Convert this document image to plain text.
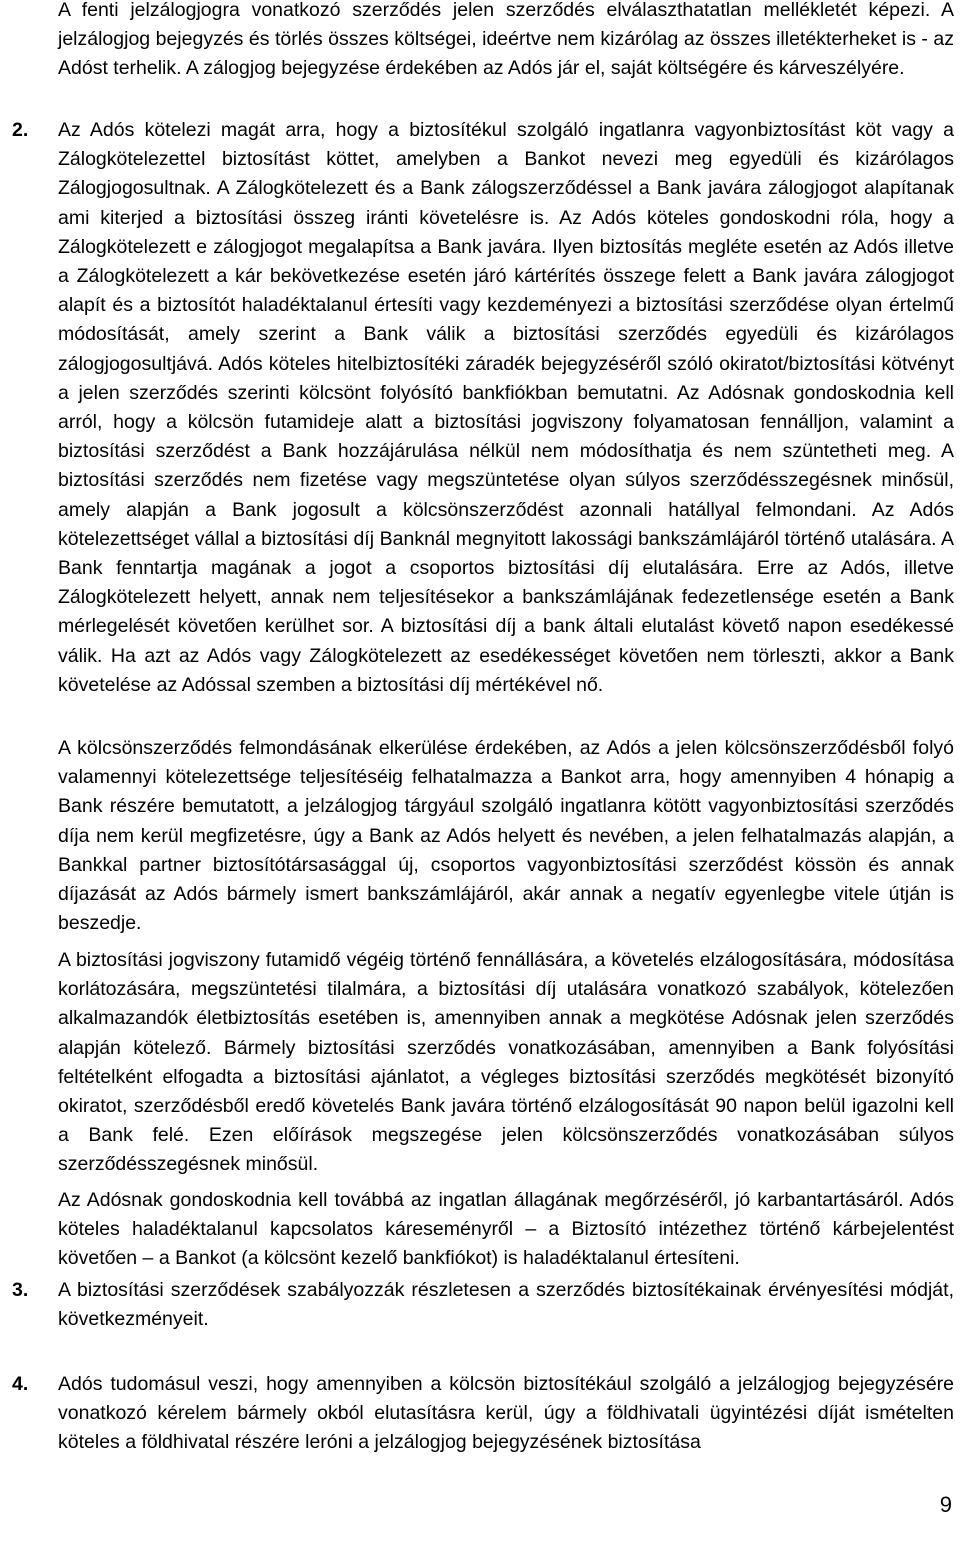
A fenti jelzálogjogra vonatkozó szerződés jelen szerződés elválaszthatatlan mellékletét képezi. A jelzálogjog bejegyzés és törlés összes költségei, ideértve nem kizárólag az összes illetékterheket is - az Adóst terhelik. A zálogjog bejegyzése érdekében az Adós jár el, saját költségére és kárveszélyére.

2. Az Adós kötelezi magát arra, hogy a biztosítékul szolgáló ingatlanra vagyonbiztosítást köt vagy a Zálogkötelezettel biztosítást köttet, amelyben a Bankot nevezi meg egyedüli és kizárólagos Zálogjogosultnak. A Zálogkötelezett és a Bank zálogszerződéssel a Bank javára zálogjogot alapítanak ami kiterjed a biztosítási összeg iránti követelésre is. Az Adós köteles gondoskodni róla, hogy a Zálogkötelezett e zálogjogot megalapítsa a Bank javára. Ilyen biztosítás megléte esetén az Adós illetve a Zálogkötelezett a kár bekövetkezése esetén járó kártérítés összege felett a Bank javára zálogjogot alapít és a biztosítót haladéktalanul értesíti vagy kezdeményezi a biztosítási szerződése olyan értelmű módosítását, amely szerint a Bank válik a biztosítási szerződés egyedüli és kizárólagos zálogjogosultjává. Adós köteles hitelbiztosítéki záradék bejegyzéséről szóló okiratot/biztosítási kötvényt a jelen szerződés szerinti kölcsönt folyósító bankfiókban bemutatni. Az Adósnak gondoskodnia kell arról, hogy a kölcsön futamideje alatt a biztosítási jogviszony folyamatosan fennálljon, valamint a biztosítási szerződést a Bank hozzájárulása nélkül nem módosíthatja és nem szüntetheti meg. A biztosítási szerződés nem fizetése vagy megszüntetése olyan súlyos szerződésszegésnek minősül, amely alapján a Bank jogosult a kölcsönszerződést azonnali hatállyal felmondani. Az Adós kötelezettséget vállal a biztosítási díj Banknál megnyitott lakossági bankszámlájáról történő utalására. A Bank fenntartja magának a jogot a csoportos biztosítási díj elutalására. Erre az Adós, illetve Zálogkötelezett helyett, annak nem teljesítésekor a bankszámlájának fedezetlensége esetén a Bank mérlegelését követően kerülhet sor. A biztosítási díj a bank általi elutalást követő napon esedékessé válik. Ha azt az Adós vagy Zálogkötelezett az esedékességet követően nem törleszti, akkor a Bank követelése az Adóssal szemben a biztosítási díj mértékével nő.

A kölcsönszerződés felmondásának elkerülése érdekében, az Adós a jelen kölcsönszerződésből folyó valamennyi kötelezettsége teljesítéséig felhatalmazza a Bankot arra, hogy amennyiben 4 hónapig a Bank részére bemutatott, a jelzálogjog tárgyául szolgáló ingatlanra kötött vagyonbiztosítási szerződés díja nem kerül megfizetésre, úgy a Bank az Adós helyett és nevében, a jelen felhatalmazás alapján, a Bankkal partner biztosítótársasággal új, csoportos vagyonbiztosítási szerződést kössön és annak díjazását az Adós bármely ismert bankszámlájáról, akár annak a negatív egyenlegbe vitele útján is beszedje.

A biztosítási jogviszony futamidő végéig történő fennállására, a követelés elzálogosítására, módosítása korlátozására, megszüntetési tilalmára, a biztosítási díj utalására vonatkozó szabályok, kötelezően alkalmazandók életbiztosítás esetében is, amennyiben annak a megkötése Adósnak jelen szerződés alapján kötelező. Bármely biztosítási szerződés vonatkozásában, amennyiben a Bank folyósítási feltételként elfogadta a biztosítási ajánlatot, a végleges biztosítási szerződés megkötését bizonyító okiratot, szerződésből eredő követelés Bank javára történő elzálogosítását 90 napon belül igazolni kell a Bank felé. Ezen előírások megszegése jelen kölcsönszerződés vonatkozásában súlyos szerződésszegésnek minősül.

Az Adósnak gondoskodnia kell továbbá az ingatlan állagának megőrzéséről, jó karbantartásáról. Adós köteles haladéktalanul kapcsolatos káreseményről – a Biztosító intézethez történő kárbejelentést követően – a Bankot (a kölcsönt kezelő bankfiókot) is haladéktalanul értesíteni.

3. A biztosítási szerződések szabályozzák részletesen a szerződés biztosítékainak érvényesítési módját, következményeit.

4. Adós tudomásul veszi, hogy amennyiben a kölcsön biztosítékául szolgáló a jelzálogjog bejegyzésére vonatkozó kérelem bármely okból elutasításra kerül, úgy a földhivatali ügyintézési díját ismételten köteles a földhivatal részére leróni a jelzálogjog bejegyzésének biztosítása

9
